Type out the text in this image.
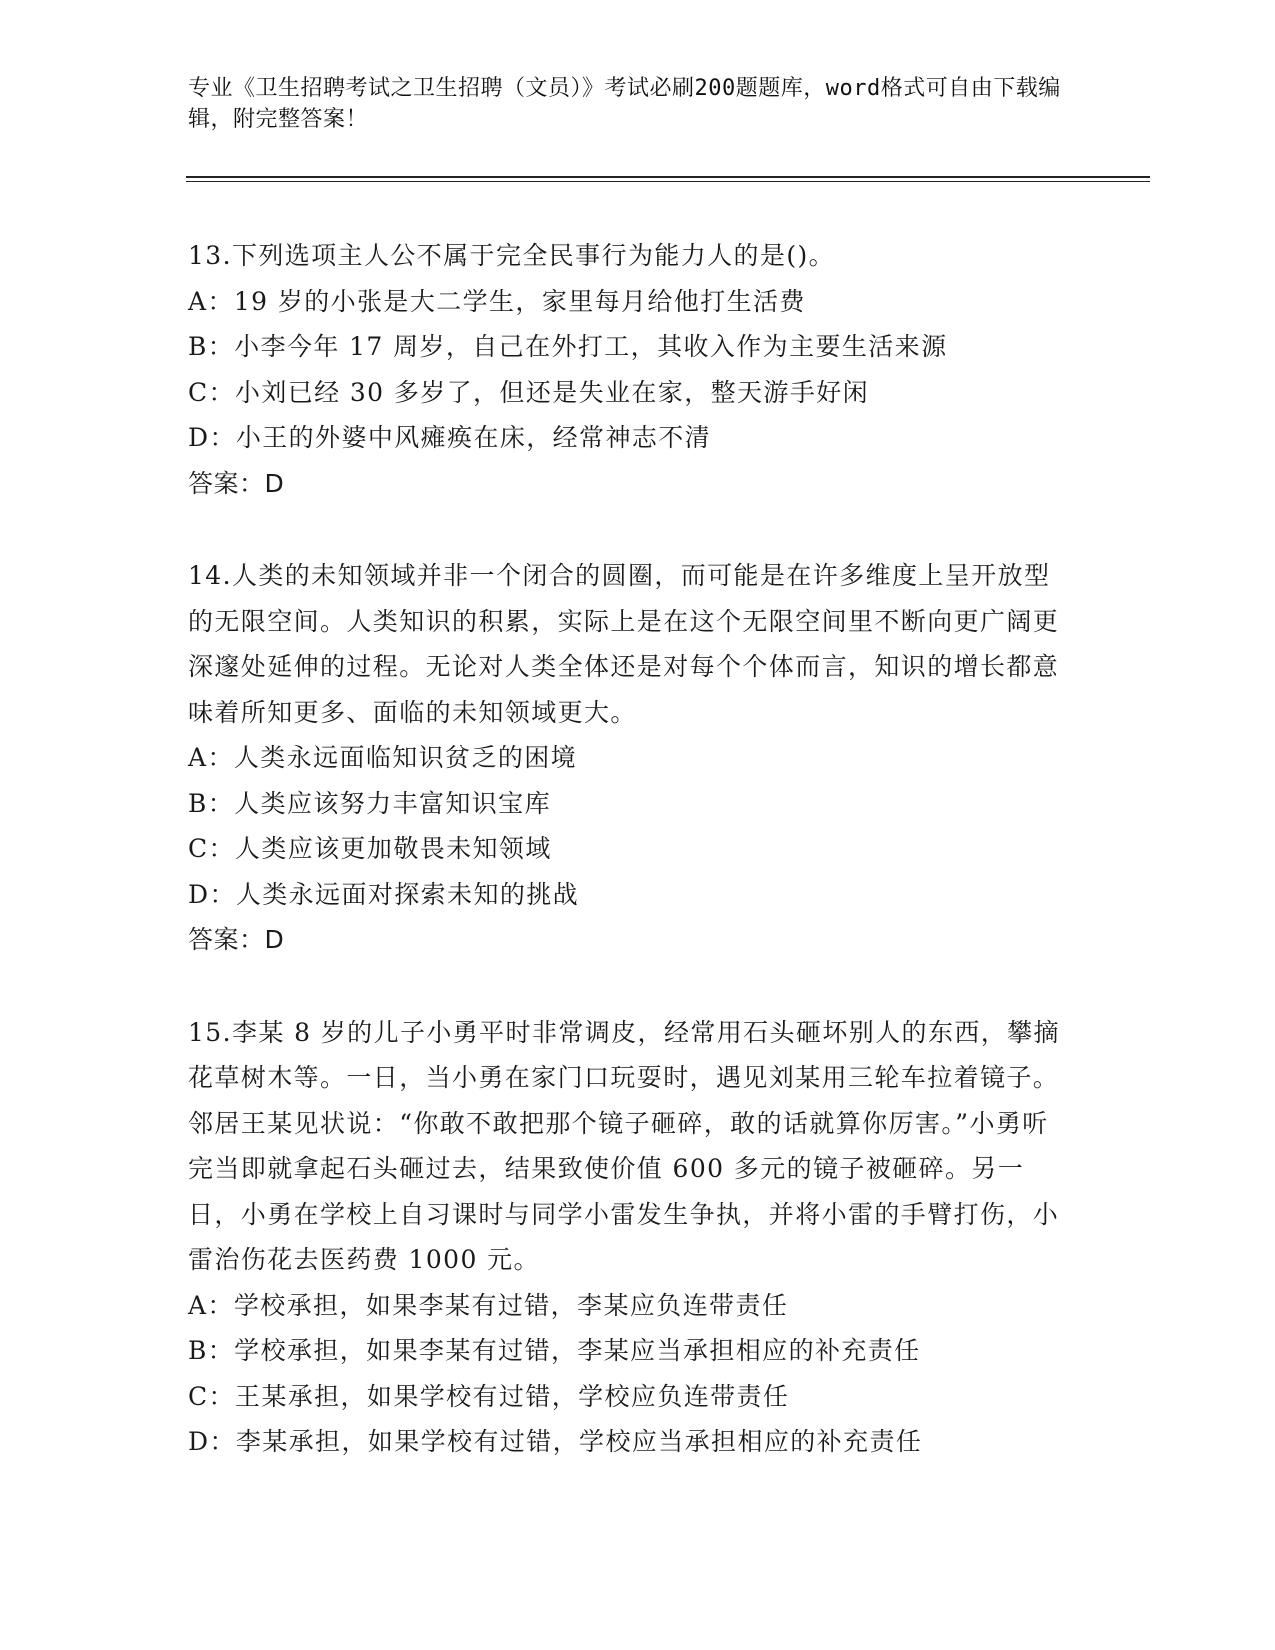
专业《卫生招聘考试之卫生招聘（文员）》考试必刷200题题库，word格式可自由下载编辑，附完整答案！

13.下列选项主人公不属于完全民事行为能力人的是()。

A：19 岁的小张是大二学生，家里每月给他打生活费

B：小李今年 17 周岁，自己在外打工，其收入作为主要生活来源

C：小刘已经 30 多岁了，但还是失业在家，整天游手好闲

D：小王的外婆中风瘫痪在床，经常神志不清

答案：D

14.人类的未知领域并非一个闭合的圆圈，而可能是在许多维度上呈开放型的无限空间。人类知识的积累，实际上是在这个无限空间里不断向更广阔更深邃处延伸的过程。无论对人类全体还是对每个个体而言，知识的增长都意味着所知更多、面临的未知领域更大。

A：人类永远面临知识贫乏的困境

B：人类应该努力丰富知识宝库

C：人类应该更加敬畏未知领域

D：人类永远面对探索未知的挑战

答案：D

15.李某 8 岁的儿子小勇平时非常调皮，经常用石头砸坏别人的东西，攀摘花草树木等。一日，当小勇在家门口玩耍时，遇见刘某用三轮车拉着镜子。邻居王某见状说：“你敢不敢把那个镜子砸碎，敢的话就算你厉害。”小勇听完当即就拿起石头砸过去，结果致使价值 600 多元的镜子被砸碎。另一日，小勇在学校上自习课时与同学小雷发生争执，并将小雷的手臂打伤，小雷治伤花去医药费 1000 元。

A：学校承担，如果李某有过错，李某应负连带责任

B：学校承担，如果李某有过错，李某应当承担相应的补充责任

C：王某承担，如果学校有过错，学校应负连带责任

D：李某承担，如果学校有过错，学校应当承担相应的补充责任
